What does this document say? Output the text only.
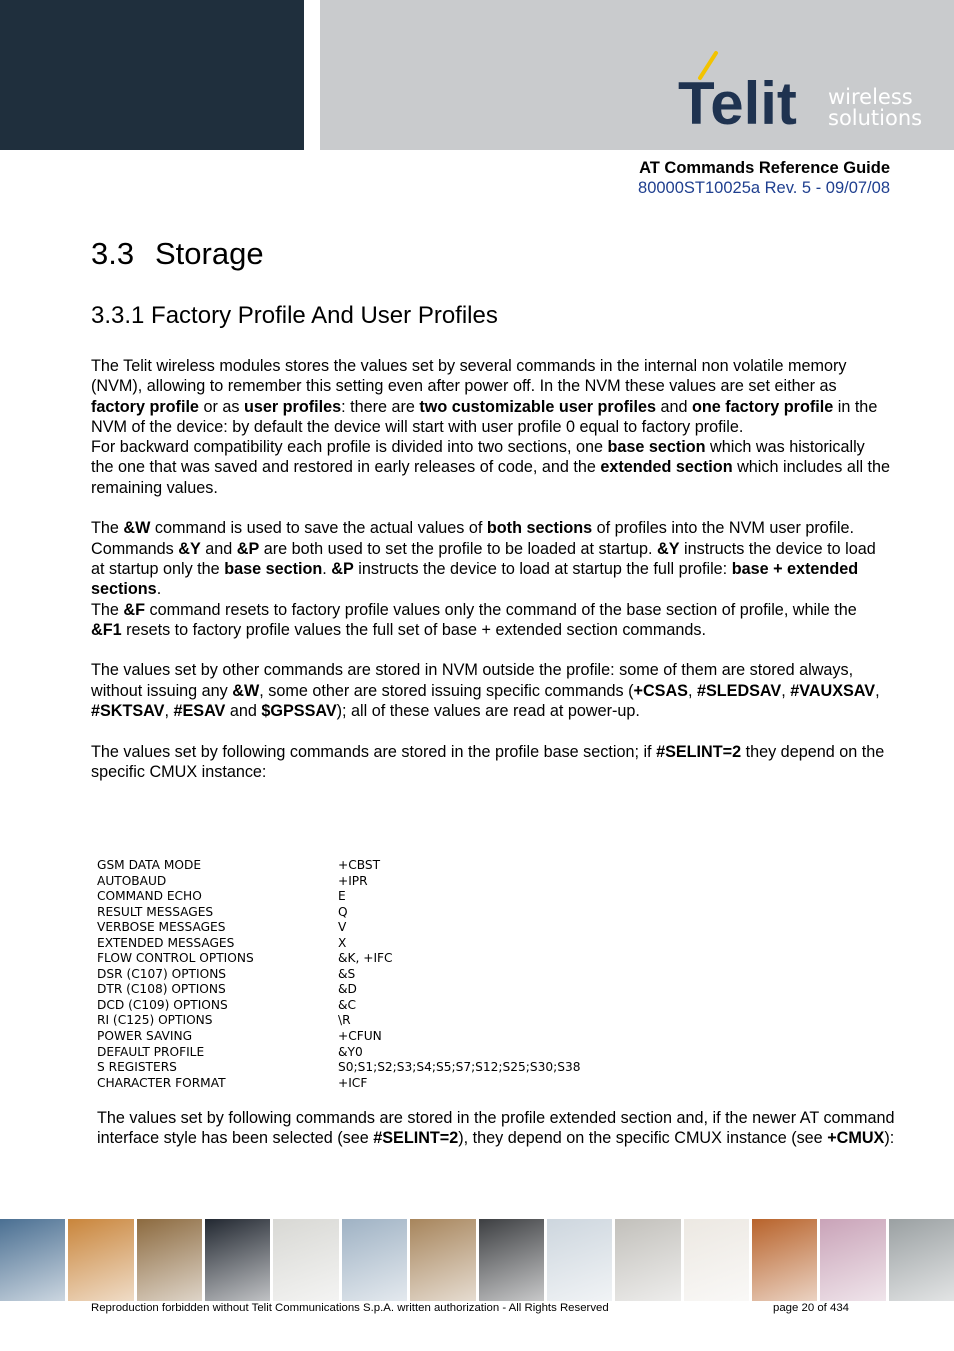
Telit wireless
solutions
AT Commands Reference Guide
80000ST10025a Rev. 5 - 09/07/08
3.3 Storage
3.3.1 Factory Profile And User Profiles

The Telit wireless modules stores the values set by several commands in the internal non volatile memory (NVM), allowing to remember this setting even after power off. In the NVM these values are set either as factory profile or as user profiles: there are two customizable user profiles and one factory profile in the NVM of the device: by default the device will start with user profile 0 equal to factory profile.

For backward compatibility each profile is divided into two sections, one base section which was historically the one that was saved and restored in early releases of code, and the extended section which includes all the remaining values.

The &W command is used to save the actual values of both sections of profiles into the NVM user profile.

Commands &Y and &P are both used to set the profile to be loaded at startup. &Y instructs the device to load at startup only the base section. &P instructs the device to load at startup the full profile: base + extended sections.

The &F command resets to factory profile values only the command of the base section of profile, while the &F1 resets to factory profile values the full set of base + extended section commands.

The values set by other commands are stored in NVM outside the profile: some of them are stored always, without issuing any &W, some other are stored issuing specific commands (+CSAS, #SLEDSAV, #VAUXSAV, #SKTSAV, #ESAV and $GPSSAV); all of these values are read at power-up.

The values set by following commands are stored in the profile base section; if #SELINT=2 they depend on the specific CMUX instance:

GSM DATA MODE	+CBST
AUTOBAUD	+IPR
COMMAND ECHO	E
RESULT MESSAGES	Q
VERBOSE MESSAGES	V
EXTENDED MESSAGES	X
FLOW CONTROL OPTIONS	&K, +IFC
DSR (C107) OPTIONS	&S
DTR (C108) OPTIONS	&D
DCD (C109) OPTIONS	&C
RI (C125) OPTIONS	\R
POWER SAVING	+CFUN
DEFAULT PROFILE	&Y0
S REGISTERS	S0;S1;S2;S3;S4;S5;S7;S12;S25;S30;S38
CHARACTER FORMAT	+ICF

The values set by following commands are stored in the profile extended section and, if the newer AT command interface style has been selected (see #SELINT=2), they depend on the specific CMUX instance (see +CMUX):

Reproduction forbidden without Telit Communications S.p.A. written authorization - All Rights Reserved	page 20 of 434
